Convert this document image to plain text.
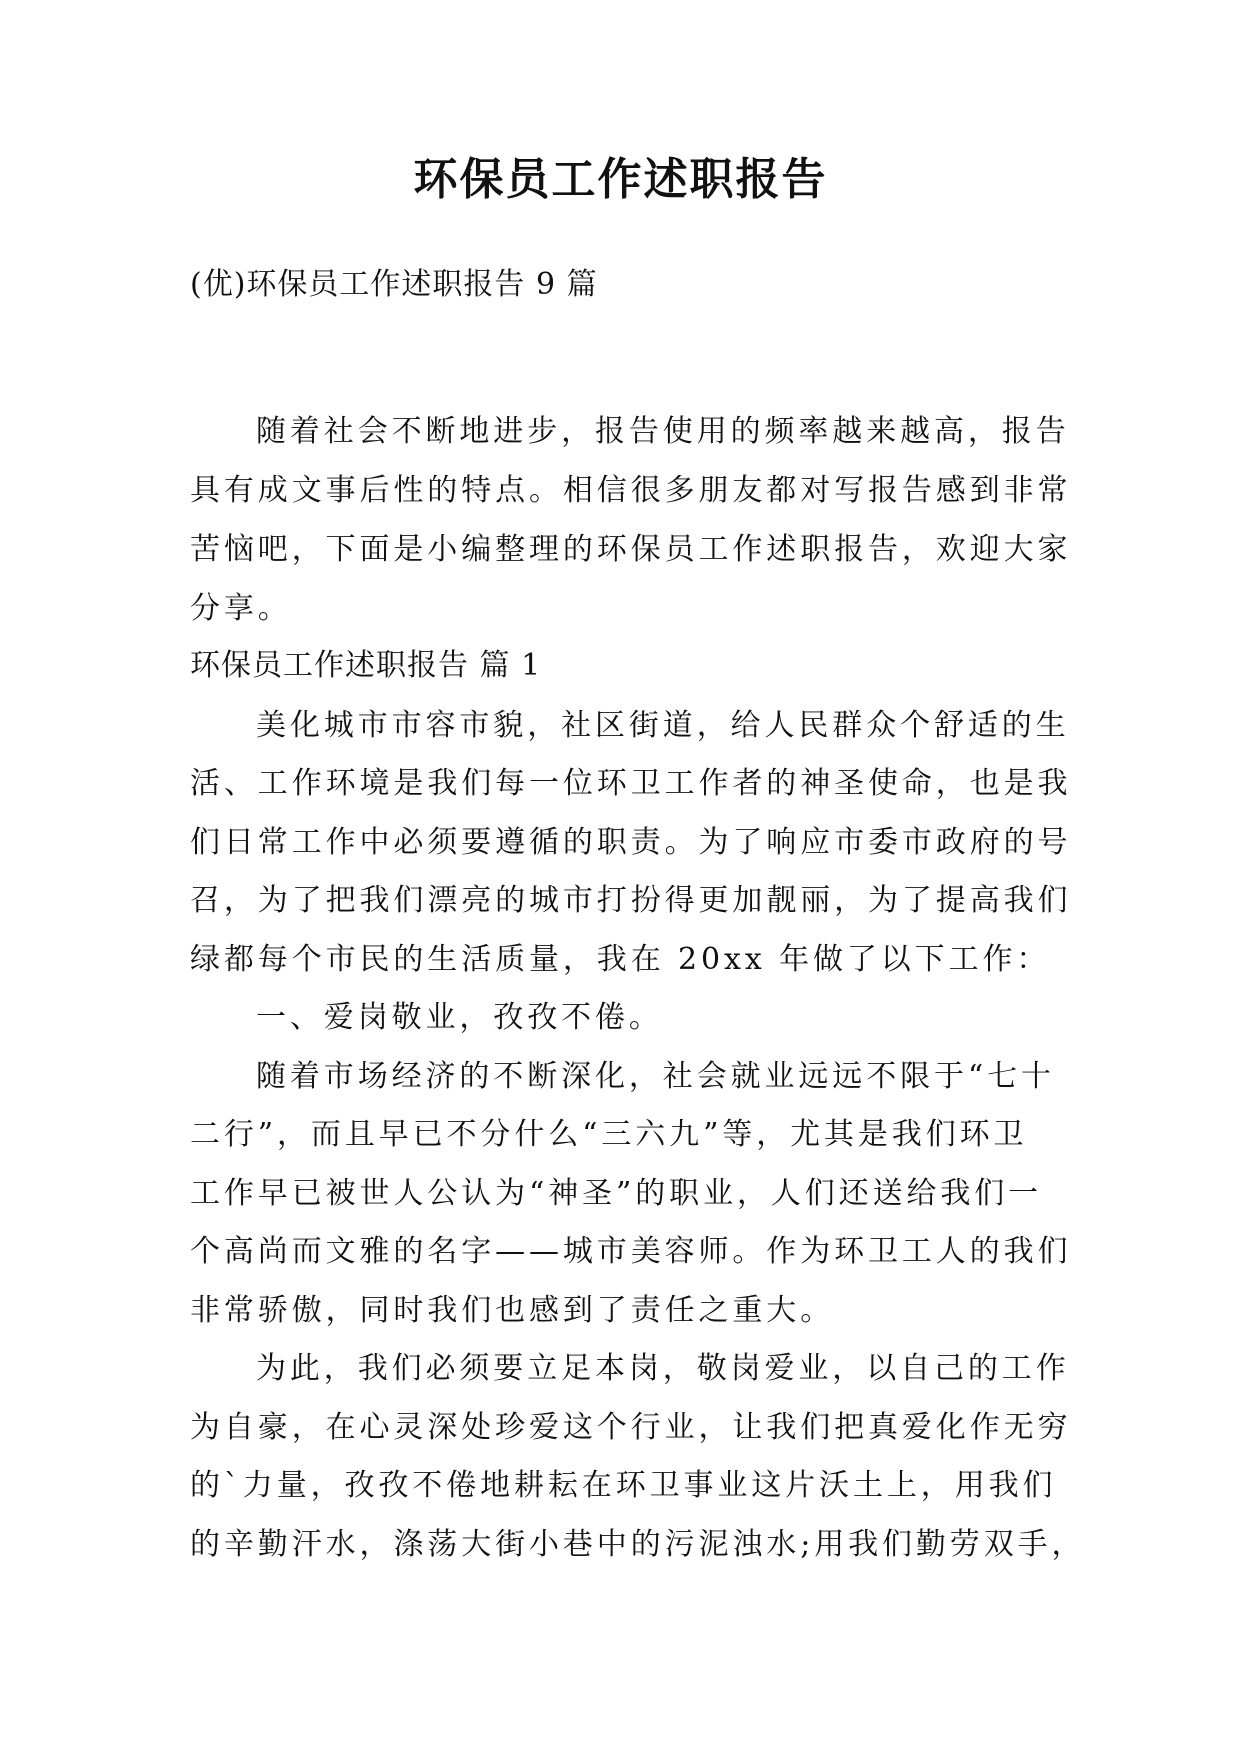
环保员工作述职报告

(优)环保员工作述职报告 9 篇

随着社会不断地进步，报告使用的频率越来越高，报告

具有成文事后性的特点。相信很多朋友都对写报告感到非常

苦恼吧，下面是小编整理的环保员工作述职报告，欢迎大家

分享。

环保员工作述职报告 篇 1

美化城市市容市貌，社区街道，给人民群众个舒适的生

活、工作环境是我们每一位环卫工作者的神圣使命，也是我

们日常工作中必须要遵循的职责。为了响应市委市政府的号

召，为了把我们漂亮的城市打扮得更加靓丽，为了提高我们

绿都每个市民的生活质量，我在 20xx 年做了以下工作：

一、爱岗敬业，孜孜不倦。

随着市场经济的不断深化，社会就业远远不限于“七十

二行”，而且早已不分什么“三六九”等，尤其是我们环卫

工作早已被世人公认为“神圣”的职业，人们还送给我们一

个高尚而文雅的名字——城市美容师。作为环卫工人的我们

非常骄傲，同时我们也感到了责任之重大。

为此，我们必须要立足本岗，敬岗爱业，以自己的工作

为自豪，在心灵深处珍爱这个行业，让我们把真爱化作无穷

的`力量，孜孜不倦地耕耘在环卫事业这片沃土上，用我们

的辛勤汗水，涤荡大街小巷中的污泥浊水;用我们勤劳双手，
